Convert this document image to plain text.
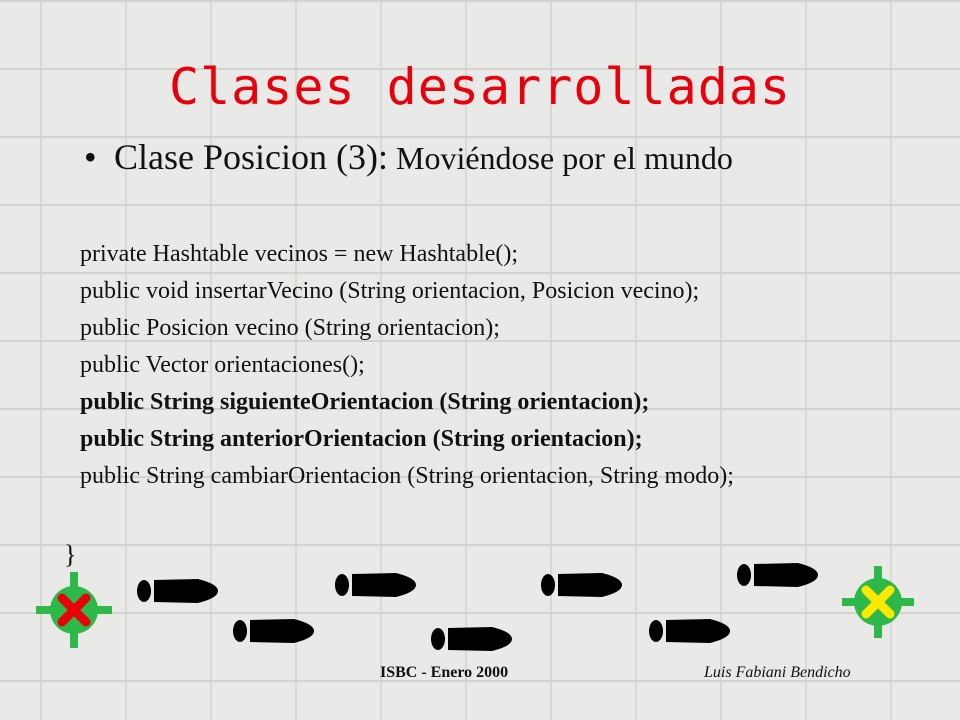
Clases desarrolladas
• Clase Posicion (3): Moviéndose por el mundo
private Hashtable vecinos = new Hashtable();
public void insertarVecino (String orientacion, Posicion vecino);
public Posicion vecino (String orientacion);
public Vector orientaciones();
public String siguienteOrientacion (String orientacion);
public String anteriorOrientacion (String orientacion);
public String cambiarOrientacion (String orientacion, String modo);
}
ISBC - Enero 2000	Luis Fabiani Bendicho
